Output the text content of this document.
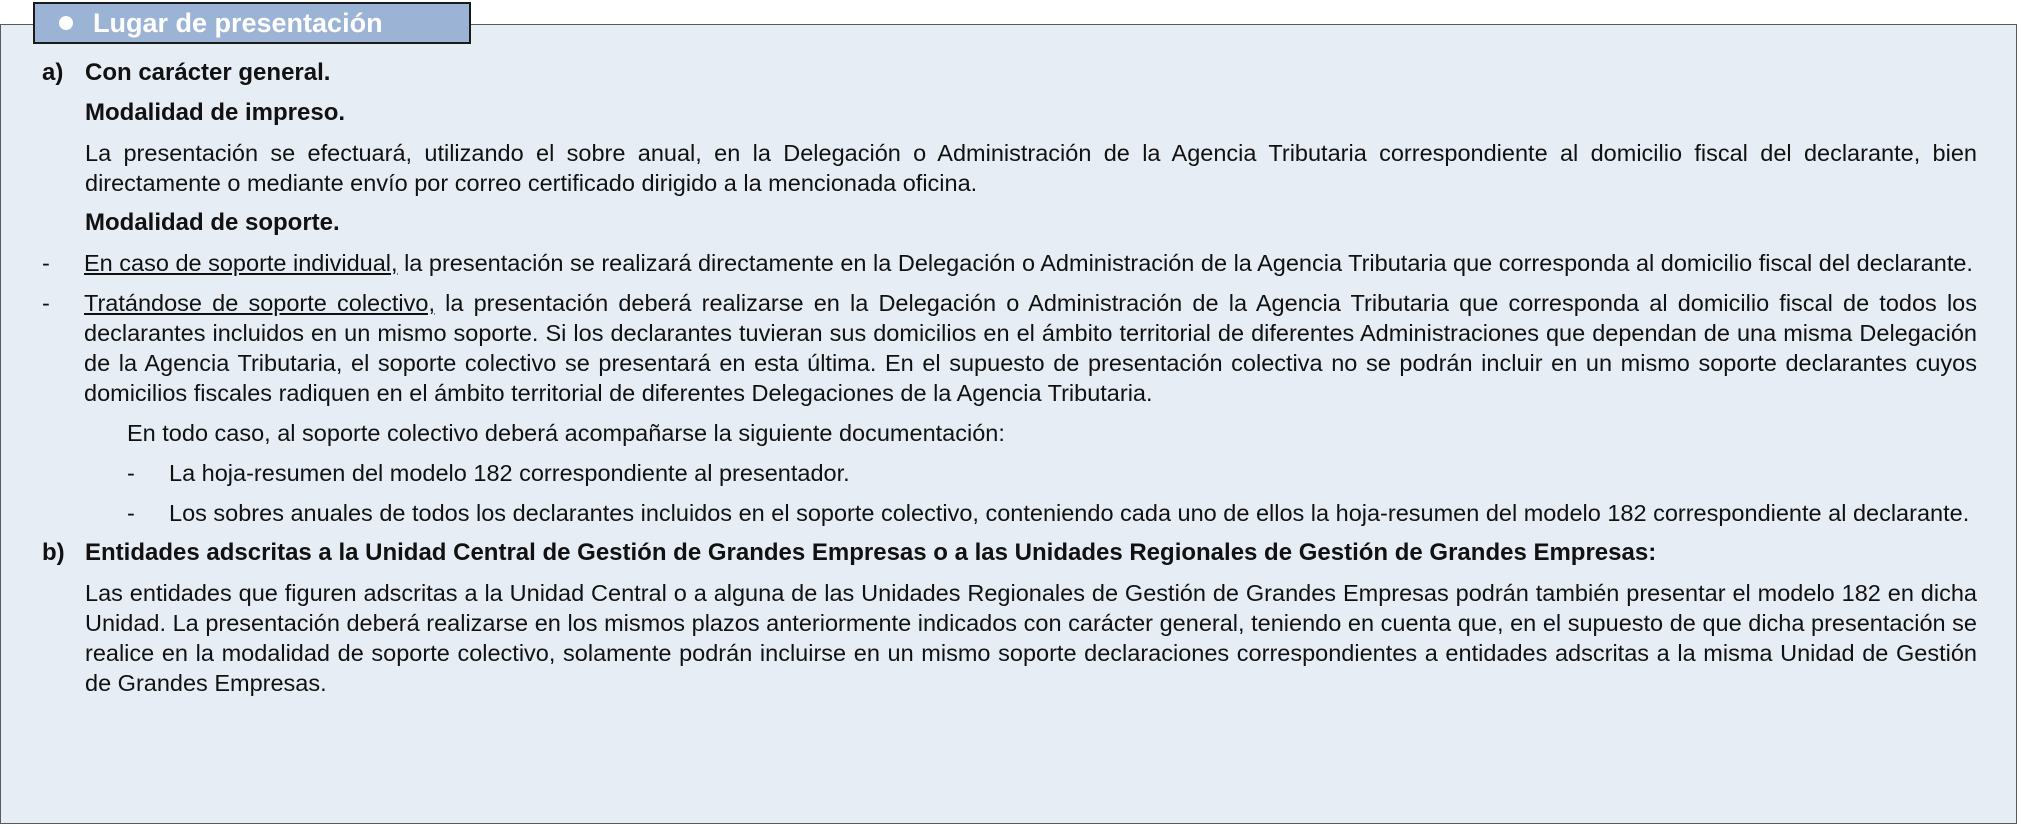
Lugar de presentación
a) Con carácter general.
Modalidad de impreso.
La presentación se efectuará, utilizando el sobre anual, en la Delegación o Administración de la Agencia Tributaria correspondiente al domicilio fiscal del declarante, bien directamente o mediante envío por correo certificado dirigido a la mencionada oficina.
Modalidad de soporte.
-	En caso de soporte individual, la presentación se realizará directamente en la Delegación o Administración de la Agencia Tributaria que corresponda al domicilio fiscal del declarante.
-	Tratándose de soporte colectivo, la presentación deberá realizarse en la Delegación o Administración de la Agencia Tributaria que corresponda al domicilio fiscal de todos los declarantes incluidos en un mismo soporte. Si los declarantes tuvieran sus domicilios en el ámbito territorial de diferentes Administraciones que dependan de una misma Delegación de la Agencia Tributaria, el soporte colectivo se presentará en esta última. En el supuesto de presentación colectiva no se podrán incluir en un mismo soporte declarantes cuyos domicilios fiscales radiquen en el ámbito territorial de diferentes Delegaciones de la Agencia Tributaria.
En todo caso, al soporte colectivo deberá acompañarse la siguiente documentación:
-	La hoja-resumen del modelo 182 correspondiente al presentador.
-	Los sobres anuales de todos los declarantes incluidos en el soporte colectivo, conteniendo cada uno de ellos la hoja-resumen del modelo 182 correspondiente al declarante.
b) Entidades adscritas a la Unidad Central de Gestión de Grandes Empresas o a las Unidades Regionales de Gestión de Grandes Empresas:
Las entidades que figuren adscritas a la Unidad Central o a alguna de las Unidades Regionales de Gestión de Grandes Empresas podrán también presentar el modelo 182 en dicha Unidad. La presentación deberá realizarse en los mismos plazos anteriormente indicados con carácter general, teniendo en cuenta que, en el supuesto de que dicha presentación se realice en la modalidad de soporte colectivo, solamente podrán incluirse en un mismo soporte declaraciones correspondientes a entidades adscritas a la misma Unidad de Gestión de Grandes Empresas.
